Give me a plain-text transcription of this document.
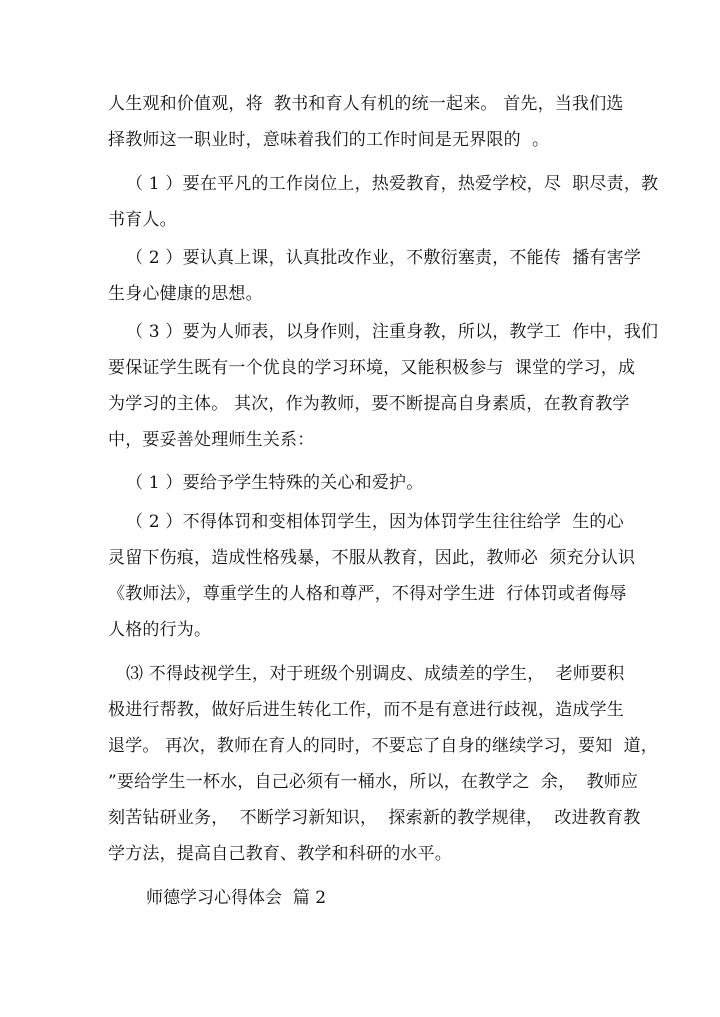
人生观和价值观，将  教书和育人有机的统一起来。 首先，当我们选
择教师这一职业时，意味着我们的工作时间是无界限的  。

（ 1 ）要在平凡的工作岗位上，热爱教育，热爱学校，尽  职尽责，教
书育人。

（ 2 ）要认真上课，认真批改作业，不敷衍塞责，不能传  播有害学
生身心健康的思想。

（ 3 ）要为人师表，以身作则，注重身教，所以，教学工  作中，我们
要保证学生既有一个优良的学习环境，又能积极参与  课堂的学习，成
为学习的主体。 其次，作为教师，要不断提高自身素质，在教育教学
中，要妥善处理师生关系：

（ 1 ）要给予学生特殊的关心和爱护。

（ 2 ）不得体罚和变相体罚学生，因为体罚学生往往给学  生的心
灵留下伤痕，造成性格残暴，不服从教育，因此，教师必  须充分认识
《教师法》，尊重学生的人格和尊严，不得对学生进  行体罚或者侮辱
人格的行为。

⑶ 不得歧视学生，对于班级个别调皮、成绩差的学生，  老师要积
极进行帮教，做好后进生转化工作，而不是有意进行歧视，造成学生
退学。 再次，教师在育人的同时，不要忘了自身的继续学习，要知  道，
”要给学生一杯水，自己必须有一桶水，所以，在教学之  余，  教师应
刻苦钻研业务，  不断学习新知识，  探索新的教学规律，  改进教育教
学方法，提高自己教育、教学和科研的水平。

师德学习心得体会  篇 2
